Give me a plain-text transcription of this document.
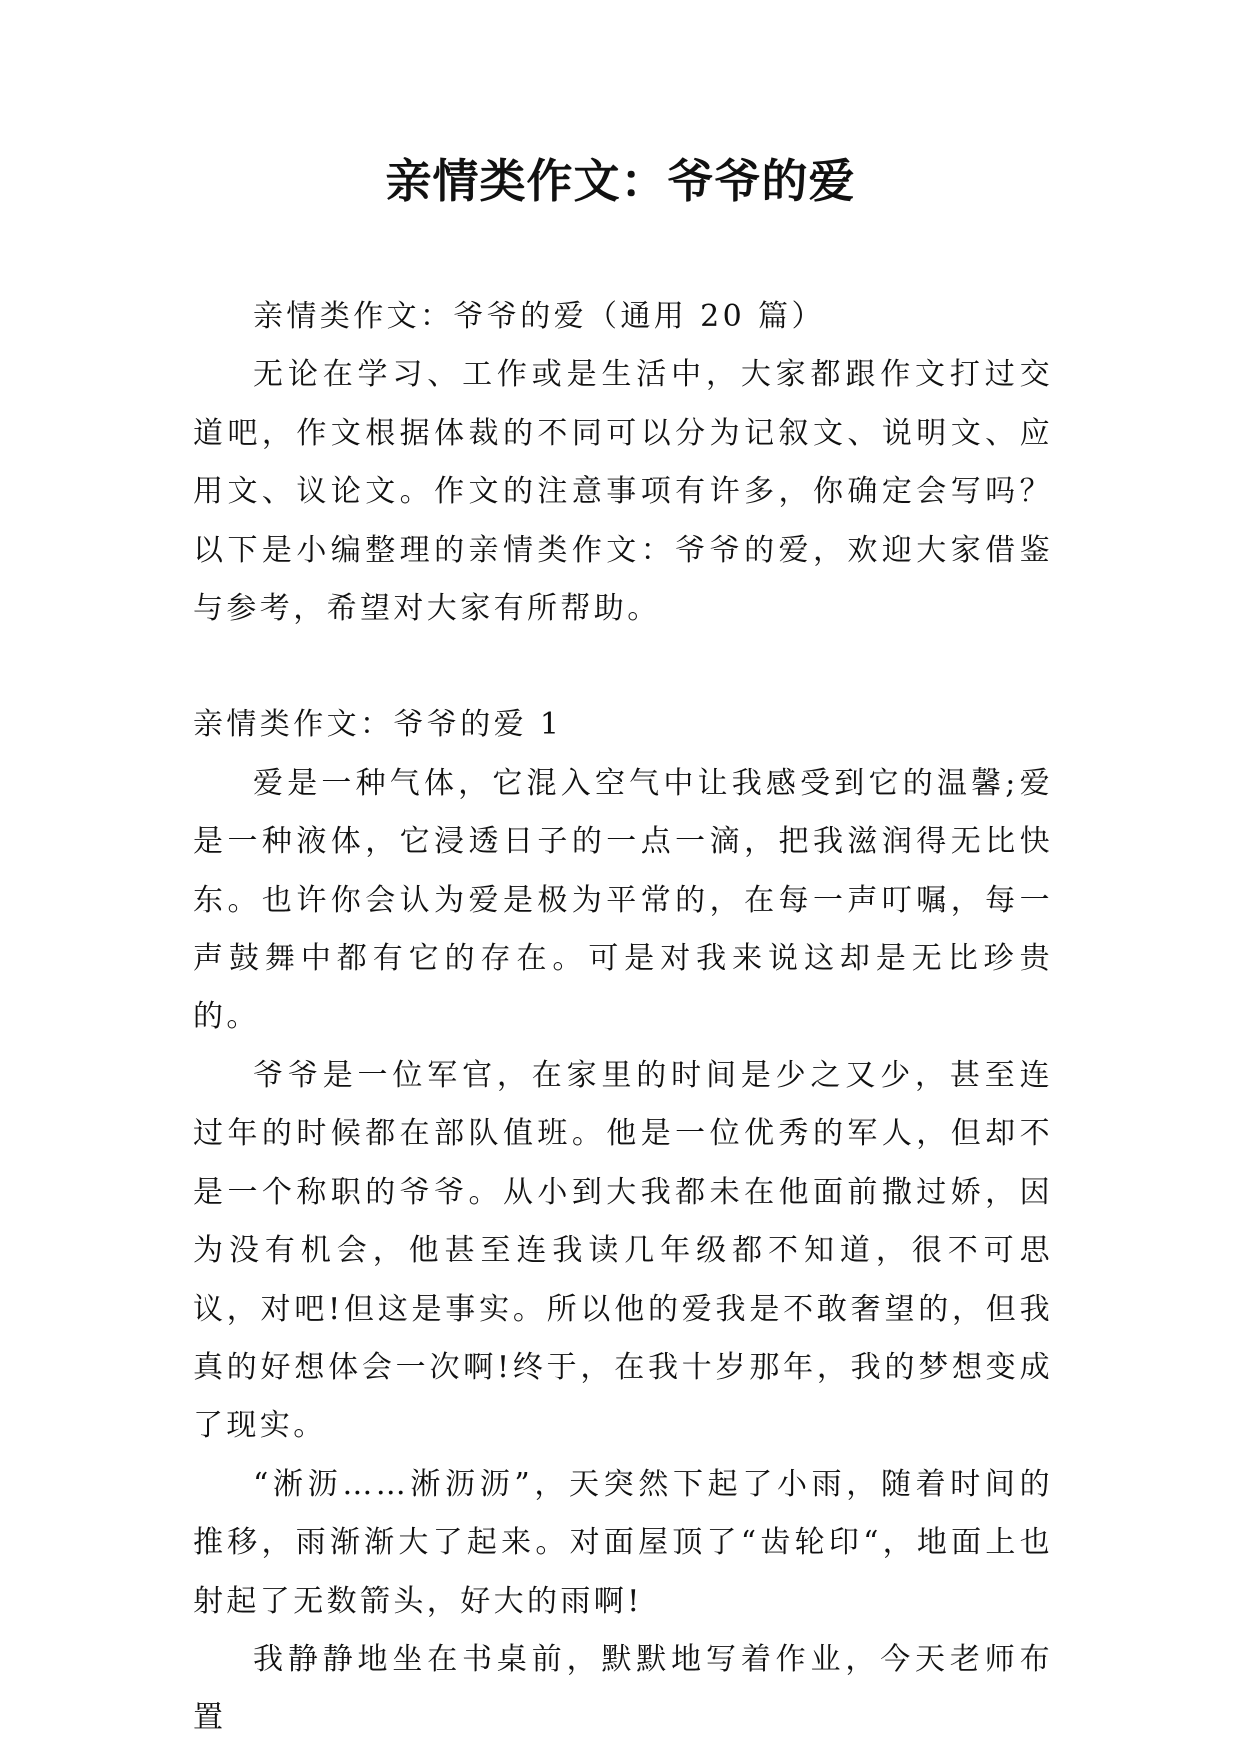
亲情类作文：爷爷的爱

亲情类作文：爷爷的爱（通用 20 篇）

无论在学习、工作或是生活中，大家都跟作文打过交道吧，作文根据体裁的不同可以分为记叙文、说明文、应用文、议论文。作文的注意事项有许多，你确定会写吗？以下是小编整理的亲情类作文：爷爷的爱，欢迎大家借鉴与参考，希望对大家有所帮助。

亲情类作文：爷爷的爱 1

爱是一种气体，它混入空气中让我感受到它的温馨;爱是一种液体，它浸透日子的一点一滴，把我滋润得无比快东。也许你会认为爱是极为平常的，在每一声叮嘱，每一声鼓舞中都有它的存在。可是对我来说这却是无比珍贵的。

爷爷是一位军官，在家里的时间是少之又少，甚至连过年的时候都在部队值班。他是一位优秀的军人，但却不是一个称职的爷爷。从小到大我都未在他面前撒过娇，因为没有机会，他甚至连我读几年级都不知道，很不可思议，对吧!但这是事实。所以他的爱我是不敢奢望的，但我真的好想体会一次啊!终于，在我十岁那年，我的梦想变成了现实。

“淅沥……淅沥沥”，天突然下起了小雨，随着时间的推移，雨渐渐大了起来。对面屋顶了“齿轮印“，地面上也射起了无数箭头，好大的雨啊!

我静静地坐在书桌前，默默地写着作业，今天老师布置
